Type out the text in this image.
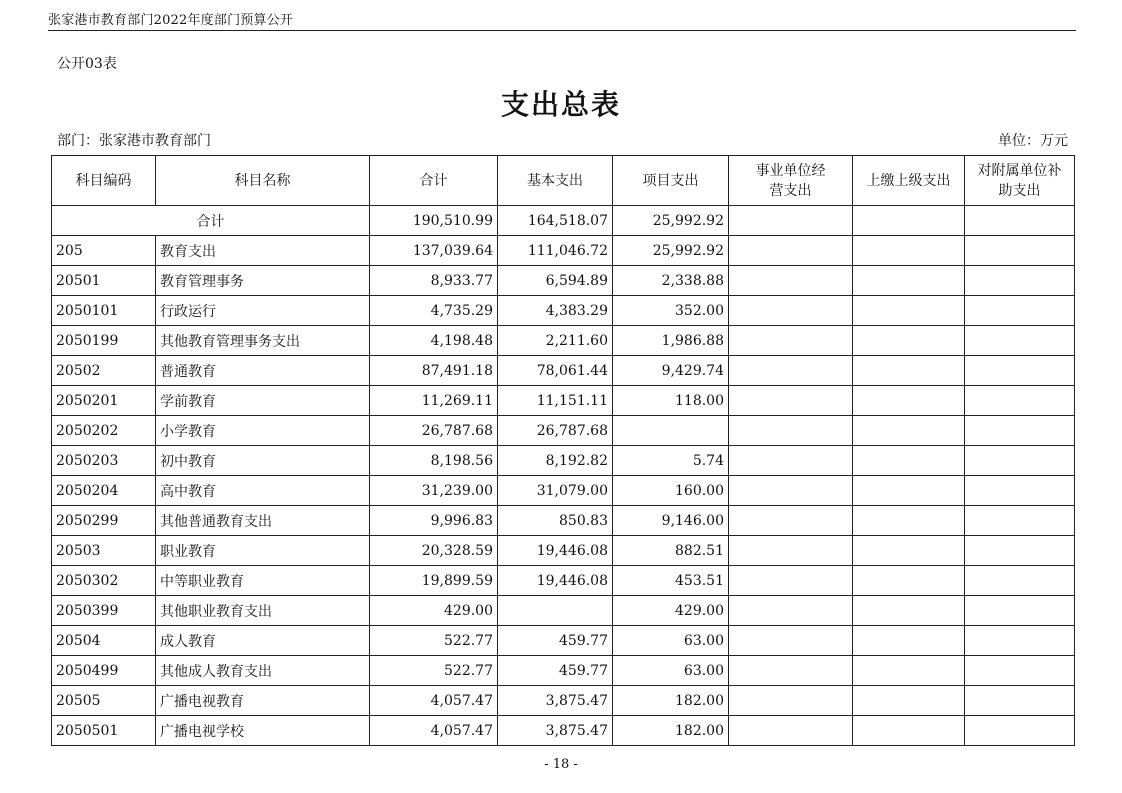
张家港市教育部门2022年度部门预算公开
公开03表
支出总表
部门：张家港市教育部门	单位：万元
科目编码	科目名称	合计	基本支出	项目支出	事业单位经营支出	上缴上级支出	对附属单位补助支出
合计		190,510.99	164,518.07	25,992.92			
205	教育支出	137,039.64	111,046.72	25,992.92			
20501	教育管理事务	8,933.77	6,594.89	2,338.88			
2050101	行政运行	4,735.29	4,383.29	352.00			
2050199	其他教育管理事务支出	4,198.48	2,211.60	1,986.88			
20502	普通教育	87,491.18	78,061.44	9,429.74			
2050201	学前教育	11,269.11	11,151.11	118.00			
2050202	小学教育	26,787.68	26,787.68				
2050203	初中教育	8,198.56	8,192.82	5.74			
2050204	高中教育	31,239.00	31,079.00	160.00			
2050299	其他普通教育支出	9,996.83	850.83	9,146.00			
20503	职业教育	20,328.59	19,446.08	882.51			
2050302	中等职业教育	19,899.59	19,446.08	453.51			
2050399	其他职业教育支出	429.00		429.00			
20504	成人教育	522.77	459.77	63.00			
2050499	其他成人教育支出	522.77	459.77	63.00			
20505	广播电视教育	4,057.47	3,875.47	182.00			
2050501	广播电视学校	4,057.47	3,875.47	182.00			
- 18 -
